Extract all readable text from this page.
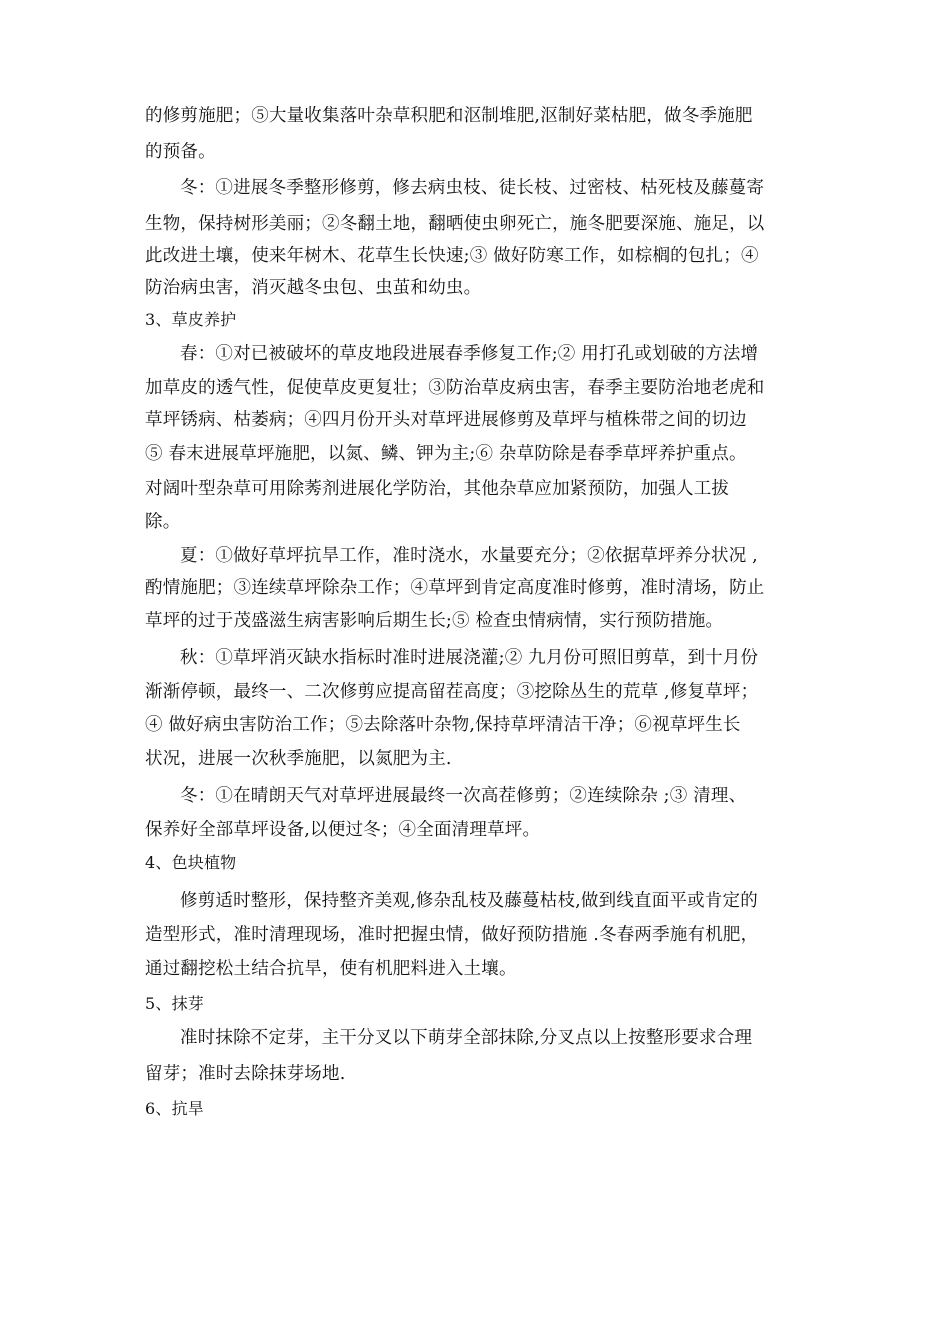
的修剪施肥；⑤大量收集落叶杂草积肥和沤制堆肥,沤制好菜枯肥，做冬季施肥
的预备。
冬：①进展冬季整形修剪，修去病虫枝、徒长枝、过密枝、枯死枝及藤蔓寄
生物，保持树形美丽；②冬翻土地，翻晒使虫卵死亡，施冬肥要深施、施足，以
此改进土壤，使来年树木、花草生长快速;③ 做好防寒工作，如棕榈的包扎；④
防治病虫害，消灭越冬虫包、虫茧和幼虫。
3、草皮养护
春：①对已被破坏的草皮地段进展春季修复工作;② 用打孔或划破的方法增
加草皮的透气性，促使草皮更复壮；③防治草皮病虫害，春季主要防治地老虎和
草坪锈病、枯萎病；④四月份开头对草坪进展修剪及草坪与植株带之间的切边
⑤ 春末进展草坪施肥，以氮、鳞、钾为主;⑥ 杂草防除是春季草坪养护重点。
对阔叶型杂草可用除莠剂进展化学防治，其他杂草应加紧预防，加强人工拔
除。
夏：①做好草坪抗旱工作，准时浇水，水量要充分；②依据草坪养分状况 ,
酌情施肥；③连续草坪除杂工作；④草坪到肯定高度准时修剪，准时清场，防止
草坪的过于茂盛滋生病害影响后期生长;⑤ 检查虫情病情，实行预防措施。
秋：①草坪消灭缺水指标时准时进展浇灌;② 九月份可照旧剪草，到十月份
渐渐停顿，最终一、二次修剪应提高留茬高度；③挖除丛生的荒草 ,修复草坪；
④ 做好病虫害防治工作；⑤去除落叶杂物,保持草坪清洁干净；⑥视草坪生长
状况，进展一次秋季施肥，以氮肥为主.
冬：①在晴朗天气对草坪进展最终一次高茬修剪；②连续除杂 ;③ 清理、
保养好全部草坪设备,以便过冬；④全面清理草坪。
4、色块植物
修剪适时整形，保持整齐美观,修杂乱枝及藤蔓枯枝,做到线直面平或肯定的
造型形式，准时清理现场，准时把握虫情，做好预防措施 .冬春两季施有机肥，
通过翻挖松土结合抗旱，使有机肥料进入土壤。
5、抹芽
准时抹除不定芽，主干分叉以下萌芽全部抹除,分叉点以上按整形要求合理
留芽；准时去除抹芽场地.
6、抗旱
